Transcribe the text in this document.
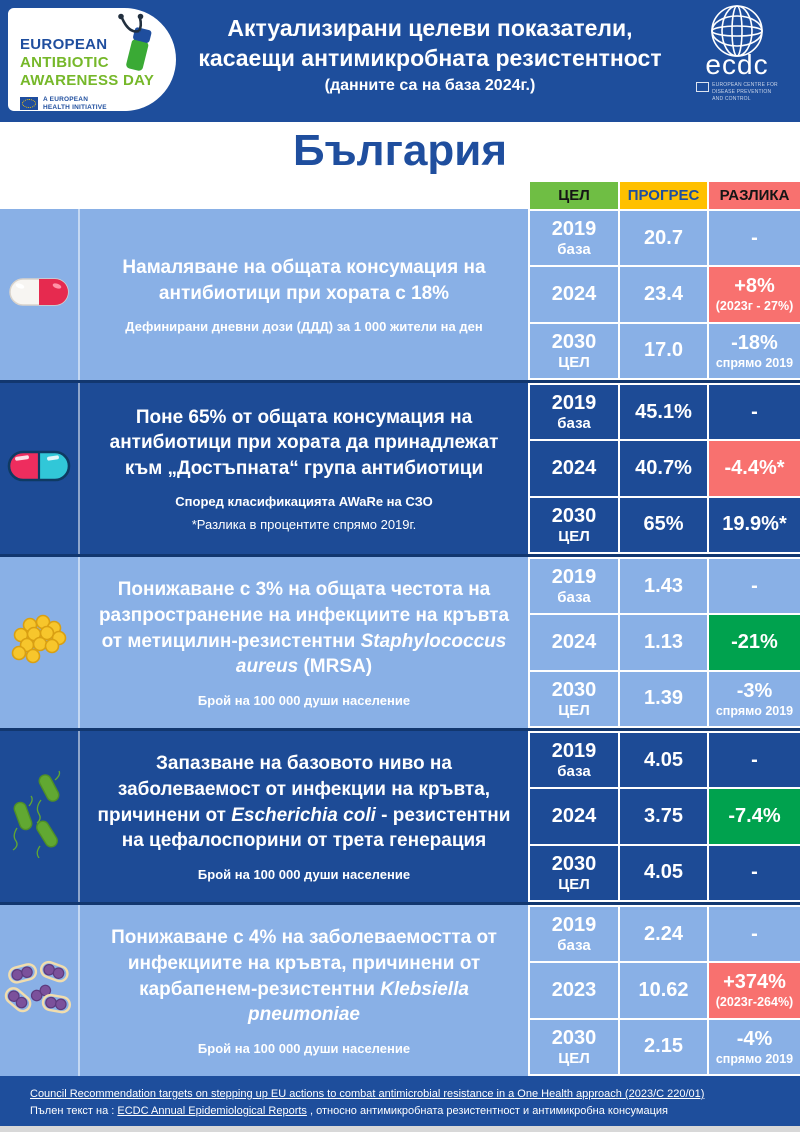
EUROPEAN
ANTIBIOTIC
AWARENESS DAY
A EUROPEAN
HEALTH INITIATIVE
Актуализирани целеви показатели,
касаещи антимикробната резистентност
(данните са на база 2024г.)
ecdc
EUROPEAN CENTRE FOR
DISEASE PREVENTION
AND CONTROL
България
ЦЕЛ	ПРОГРЕС	РАЗЛИКА
Намаляване на общата консумация на антибиотици при хората с 18%
Дефинирани дневни дози (ДДД) за 1 000 жители на ден
2019
база
20.7	-
2024 23.4	+8%
(2023г - 27%)
2030
ЦЕЛ
17.0 -18%
спрямо 2019
Поне 65% от общата консумация на антибиотици при хората да принадлежат към „Достъпната“ група антибиотици
Според класификацията AWaRe на СЗО
*Разлика в процентите спрямо 2019г.
2019
база
45.1%	-
2024 40.7% -4.4%*
2030
ЦЕЛ
65% 19.9%*
Понижаване с 3% на общата честота на разпространение на инфекциите на кръвта от метицилин-резистентни Staphylococcus aureus (MRSA)
Брой на 100 000 души население
2019
база
1.43	-
2024 1.13 -21%
2030
ЦЕЛ
1.39	-3%
спрямо 2019
Запазване на базовото ниво на заболеваемост от инфекции на кръвта, причинени от Escherichia coli - резистентни на цефалоспорини от трета генерация
Брой на 100 000 души население
2019
база
4.05	-
2024 3.75 -7.4%
2030
ЦЕЛ
4.05	-
Понижаване с 4% на заболеваемостта от инфекциите на кръвта, причинени от карбапенем-резистентни Klebsiella pneumoniae
Брой на 100 000 души население
2019
база
2.24	-
2023 10.62 +374%
(2023г-264%)
2030
ЦЕЛ
2.15	-4%
спрямо 2019
Council Recommendation targets on stepping up EU actions to combat antimicrobial resistance in a One Health approach (2023/C 220/01)
Пълен текст на : ECDC Annual Epidemiological Reports , относно антимикробната резистентност и антимикробна консумация
